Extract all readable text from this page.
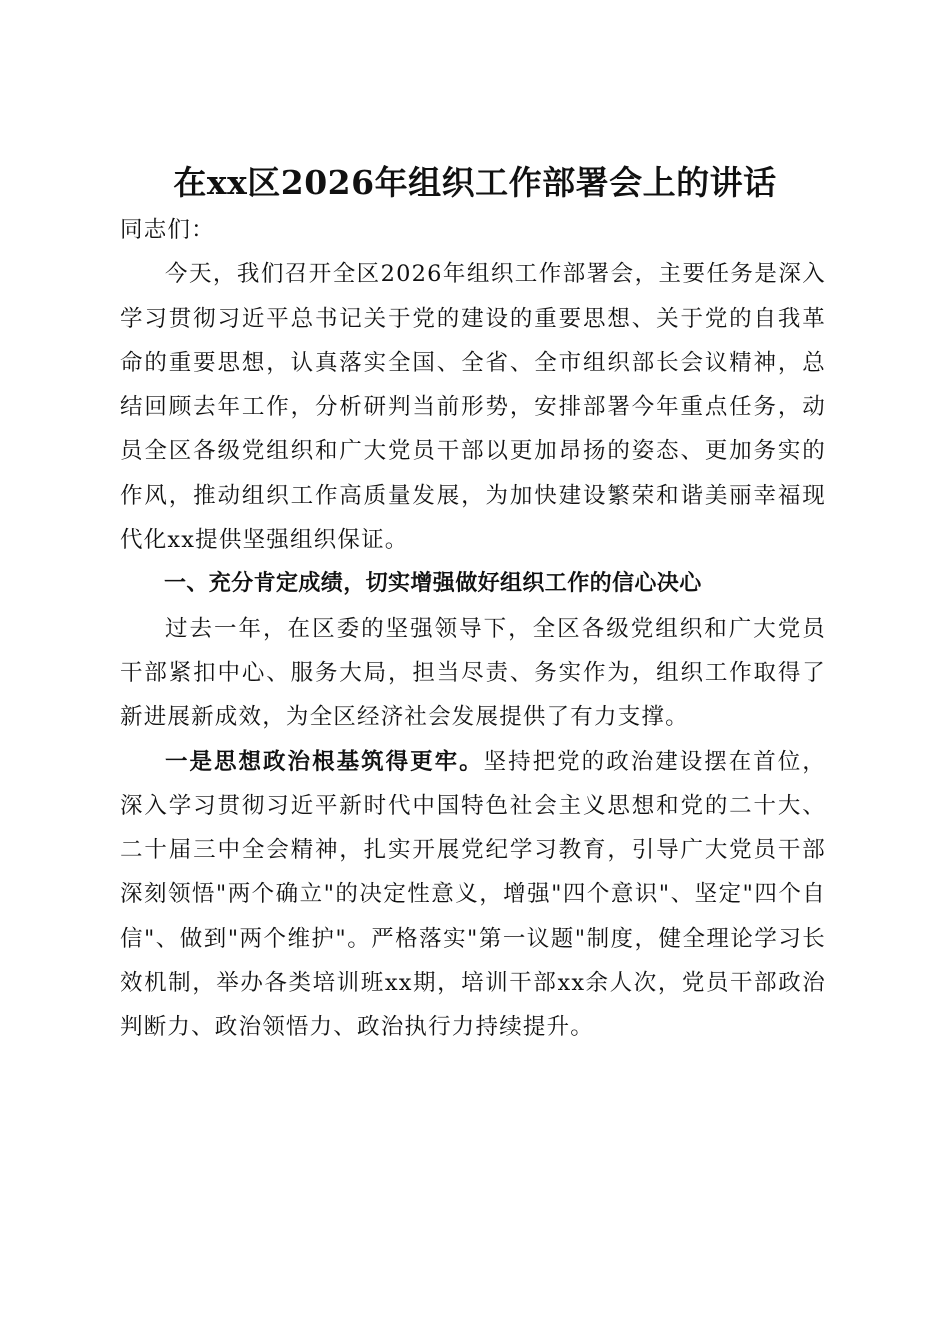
在xx区2026年组织工作部署会上的讲话

同志们：

今天，我们召开全区2026年组织工作部署会，主要任务是深入学习贯彻习近平总书记关于党的建设的重要思想、关于党的自我革命的重要思想，认真落实全国、全省、全市组织部长会议精神，总结回顾去年工作，分析研判当前形势，安排部署今年重点任务，动员全区各级党组织和广大党员干部以更加昂扬的姿态、更加务实的作风，推动组织工作高质量发展，为加快建设繁荣和谐美丽幸福现代化xx提供坚强组织保证。

一、充分肯定成绩，切实增强做好组织工作的信心决心

过去一年，在区委的坚强领导下，全区各级党组织和广大党员干部紧扣中心、服务大局，担当尽责、务实作为，组织工作取得了新进展新成效，为全区经济社会发展提供了有力支撑。

一是思想政治根基筑得更牢。坚持把党的政治建设摆在首位，深入学习贯彻习近平新时代中国特色社会主义思想和党的二十大、二十届三中全会精神，扎实开展党纪学习教育，引导广大党员干部深刻领悟"两个确立"的决定性意义，增强"四个意识"、坚定"四个自信"、做到"两个维护"。严格落实"第一议题"制度，健全理论学习长效机制，举办各类培训班xx期，培训干部xx余人次，党员干部政治判断力、政治领悟力、政治执行力持续提升。
